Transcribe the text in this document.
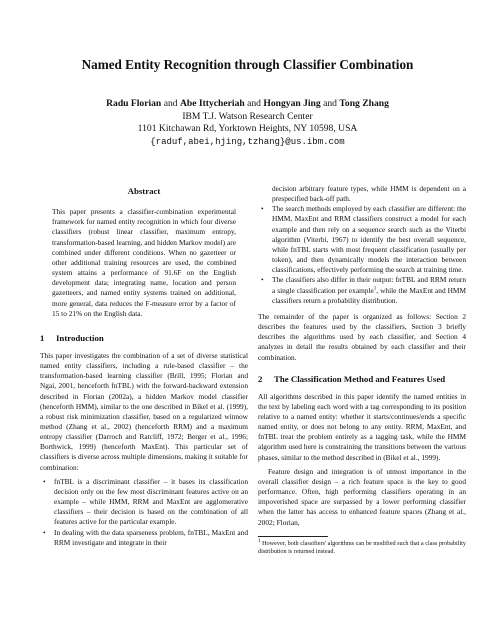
Named Entity Recognition through Classifier Combination
Radu Florian and Abe Ittycheriah and Hongyan Jing and Tong Zhang
IBM T.J. Watson Research Center
1101 Kitchawan Rd, Yorktown Heights, NY 10598, USA
{raduf,abei,hjing,tzhang}@us.ibm.com
Abstract

This paper presents a classifier-combination experimental framework for named entity recognition in which four diverse classifiers (robust linear classifier, maximum entropy, transformation-based learning, and hidden Markov model) are combined under different conditions. When no gazetteer or other additional training resources are used, the combined system attains a performance of 91.6F on the English development data; integrating name, location and person gazetteers, and named entity systems trained on additional, more general, data reduces the F-measure error by a factor of 15 to 21% on the English data.

1 Introduction

This paper investigates the combination of a set of diverse statistical named entity classifiers, including a rule-based classifier – the transformation-based learning classifier (Brill, 1995; Florian and Ngai, 2001, henceforth fnTBL) with the forward-backward extension described in Florian (2002a), a hidden Markov model classifier (henceforth HMM), similar to the one described in Bikel et al. (1999), a robust risk minimization classifier, based on a regularized winnow method (Zhang et al., 2002) (henceforth RRM) and a maximum entropy classifier (Darroch and Ratcliff, 1972; Berger et al., 1996; Borthwick, 1999) (henceforth MaxEnt). This particular set of classifiers is diverse across multiple dimensions, making it suitable for combination:

• fnTBL is a discriminant classifier – it bases its classification decision only on the few most discriminant features active on an example – while HMM, RRM and MaxEnt are agglomerative classifiers – their decision is based on the combination of all features active for the particular example.
• In dealing with the data sparseness problem, fnTBL, MaxEnt and RRM investigate and integrate in their

decision arbitrary feature types, while HMM is dependent on a prespecified back-off path.

• The search methods employed by each classifier are different: the HMM, MaxEnt and RRM classifiers construct a model for each example and then rely on a sequence search such as the Viterbi algorithm (Viterbi, 1967) to identify the best overall sequence, while fnTBL starts with most frequent classification (usually per token), and then dynamically models the interaction between classifications, effectively performing the search at training time.
• The classifiers also differ in their output: fnTBL and RRM return a single classification per example$^1$, while the MaxEnt and HMM classifiers return a probability distribution.

The remainder of the paper is organized as follows: Section 2 describes the features used by the classifiers, Section 3 briefly describes the algorithms used by each classifier, and Section 4 analyzes in detail the results obtained by each classifier and their combination.

2 The Classification Method and Features Used

All algorithms described in this paper identify the named entities in the text by labeling each word with a tag corresponding to its position relative to a named entity: whether it starts/continues/ends a specific named entity, or does not belong to any entity. RRM, MaxEnt, and fnTBL treat the problem entirely as a tagging task, while the HMM algorithm used here is constraining the transitions between the various phases, similar to the method described in (Bikel et al., 1999).

Feature design and integration is of utmost importance in the overall classifier design – a rich feature space is the key to good performance. Often, high performing classifiers operating in an impoverished space are surpassed by a lower performing classifier when the latter has access to enhanced feature spaces (Zhang et al., 2002; Florian,

$^1$ However, both classifiers' algorithms can be modified such that a class probability distribution is returned instead.
